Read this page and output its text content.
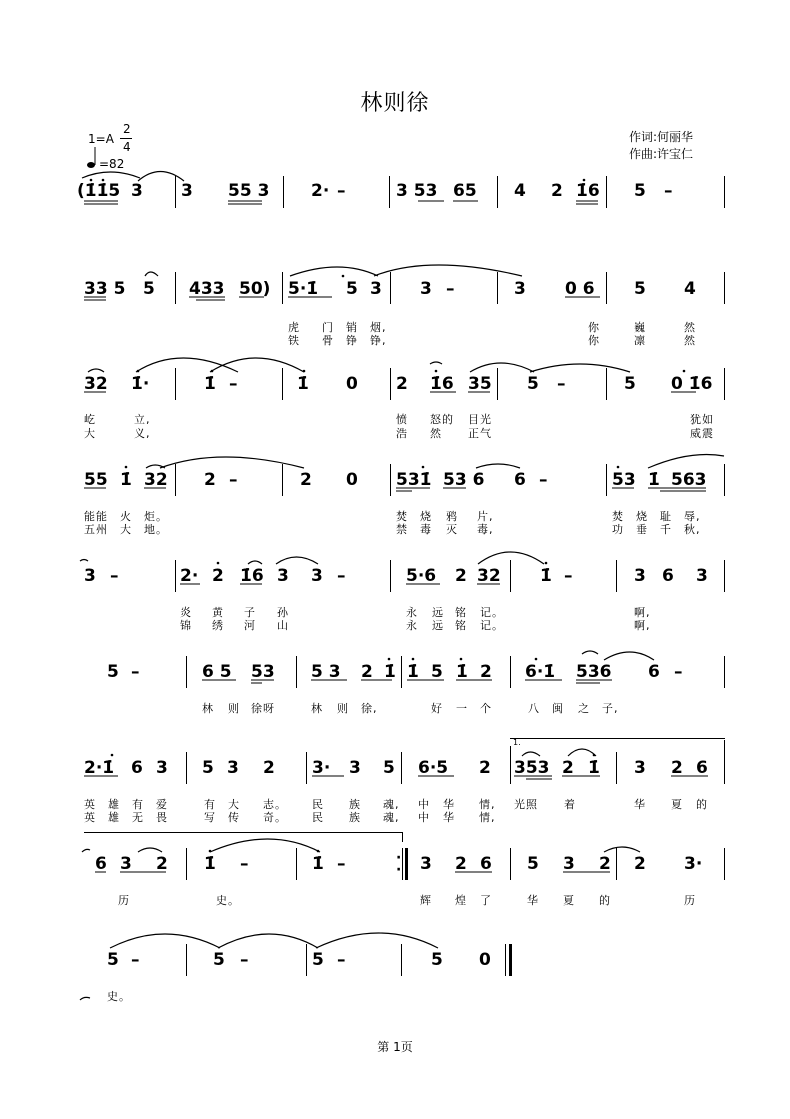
林则徐
1=A
2
4
=82
作词:何丽华
作曲:许宝仁
(1̇1̇5 3 3 55 3 2· –	3 53 65 4 2 1̇6 5 –
33 5 5 433 50) 5·1̇ 5 3 3 –	3 0 6 5 4
虎 门 销 烟,	你	巍	然
铁 骨 铮 铮,	你	凛	然
32 1̇·	1̇ –	1̇ 0 2 1̇6 35 5 –	5 0 1̇6
屹	立,	愤 怒的 目光	犹如
大	义,	浩 然 正气	威震
55 1̇ 32 2 –	2 0 531̇ 53 6 6 –	53 1̇ 563
能能 火 炬。	焚 烧 鸦 片,	焚 烧 耻 辱,
五州 大 地。	禁 毒 灭 毒,	功 垂 千 秋,
3 –	2· 2 1̇6 3 3 –	5·6 2 32 1̇ –	3 6 3
炎 黄 子 孙	永 远 铭 记。	啊,
锦 绣 河 山	永 远 铭 记。	啊,
5 –	6 5 53 5 3 2 1̇ 1̇ 5 1̇ 2 6·1̇ 536 6 –
林 则 徐呀	林 则 徐,	好 一 个	八 闽 之 子,
2·1̇ 6 3 5 3 2 3· 3 5 6·5 2 353 2 1̇ 3 2 6
1.
英 雄 有 爱	有 大 志。 民 族 魂, 中 华 情, 光照 着	华 夏 的
英 雄 无 畏	写 传 奇。 民 族 魂, 中 华 情,
6 3 2 1̇ –	1̇ –	·
· 3 2 6 5 3 2 2 3·
历	史。	辉 煌 了	华 夏 的	历
5 –	5 –	5 –	5 0
史。
第 1页
